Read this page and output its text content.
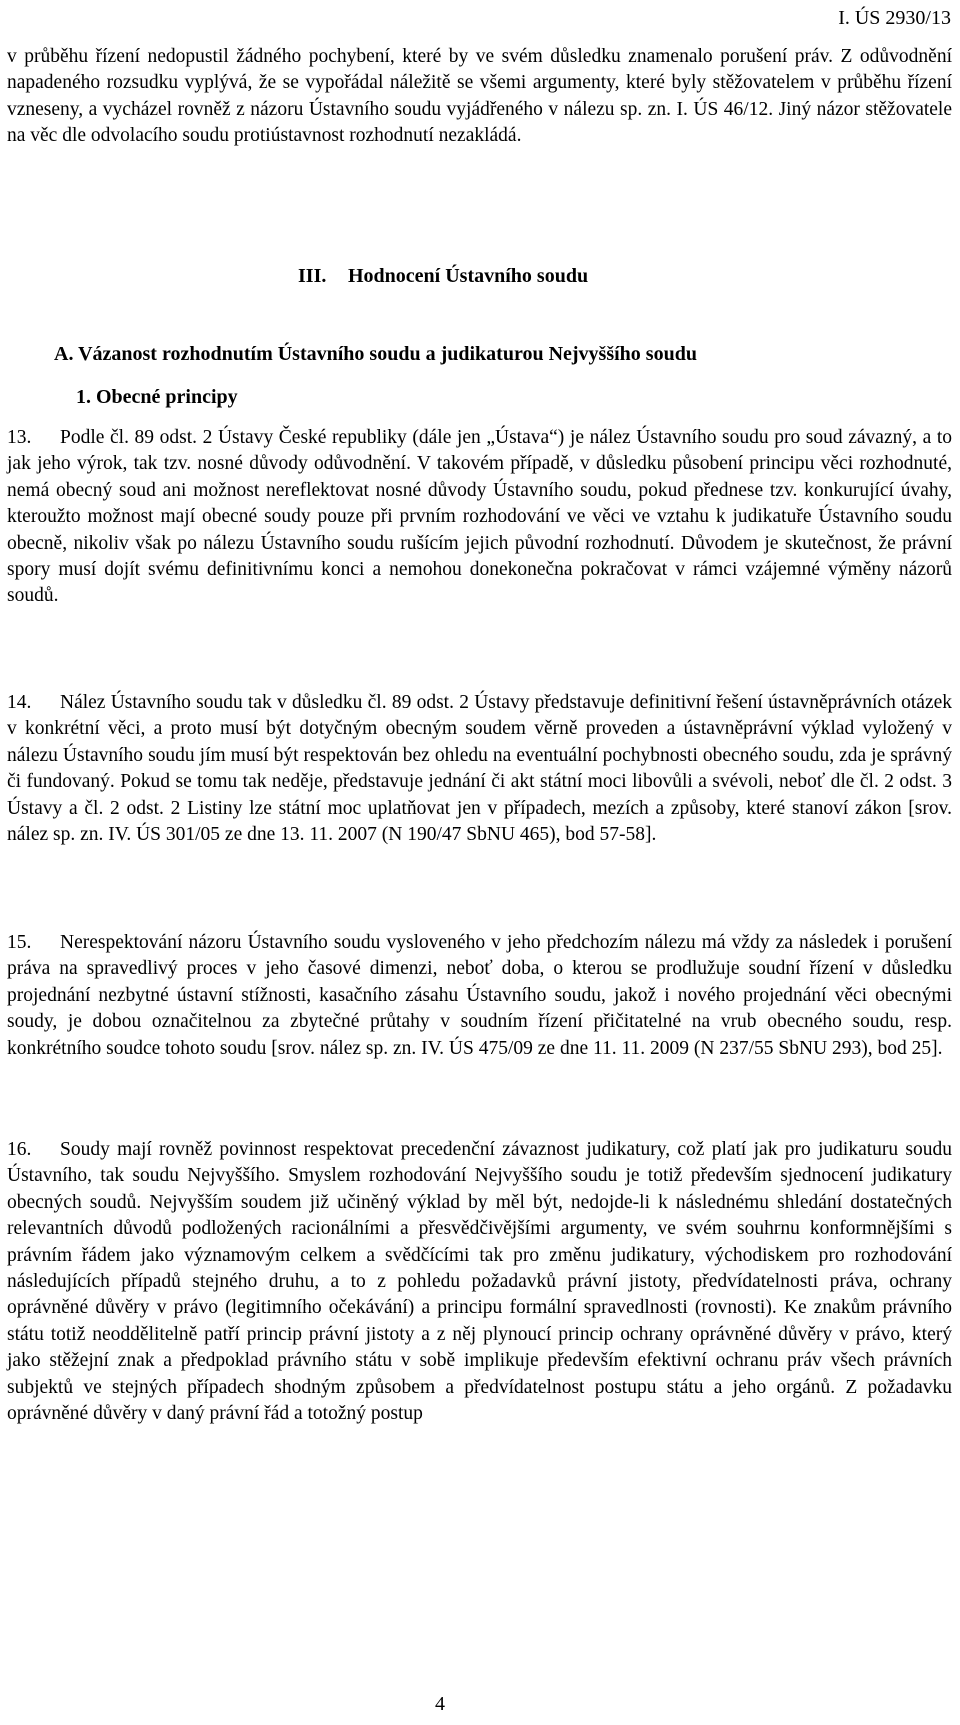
I. ÚS 2930/13

v průběhu řízení nedopustil žádného pochybení, které by ve svém důsledku znamenalo porušení práv. Z odůvodnění napadeného rozsudku vyplývá, že se vypořádal náležitě se všemi argumenty, které byly stěžovatelem v průběhu řízení vzneseny, a vycházel rovněž z názoru Ústavního soudu vyjádřeného v nálezu sp. zn. I. ÚS 46/12. Jiný názor stěžovatele na věc dle odvolacího soudu protiústavnost rozhodnutí nezakládá.

III. Hodnocení Ústavního soudu
A. Vázanost rozhodnutím Ústavního soudu a judikaturou Nejvyššího soudu
1. Obecné principy

13. Podle čl. 89 odst. 2 Ústavy České republiky (dále jen „Ústava“) je nález Ústavního soudu pro soud závazný, a to jak jeho výrok, tak tzv. nosné důvody odůvodnění. V takovém případě, v důsledku působení principu věci rozhodnuté, nemá obecný soud ani možnost nereflektovat nosné důvody Ústavního soudu, pokud přednese tzv. konkurující úvahy, kteroužto možnost mají obecné soudy pouze při prvním rozhodování ve věci ve vztahu k judikatuře Ústavního soudu obecně, nikoliv však po nálezu Ústavního soudu rušícím jejich původní rozhodnutí. Důvodem je skutečnost, že právní spory musí dojít svému definitivnímu konci a nemohou donekonečna pokračovat v rámci vzájemné výměny názorů soudů.

14. Nález Ústavního soudu tak v důsledku čl. 89 odst. 2 Ústavy představuje definitivní řešení ústavněprávních otázek v konkrétní věci, a proto musí být dotyčným obecným soudem věrně proveden a ústavněprávní výklad vyložený v nálezu Ústavního soudu jím musí být respektován bez ohledu na eventuální pochybnosti obecného soudu, zda je správný či fundovaný. Pokud se tomu tak neděje, představuje jednání či akt státní moci libovůli a svévoli, neboť dle čl. 2 odst. 3 Ústavy a čl. 2 odst. 2 Listiny lze státní moc uplatňovat jen v případech, mezích a způsoby, které stanoví zákon [srov. nález sp. zn. IV. ÚS 301/05 ze dne 13. 11. 2007 (N 190/47 SbNU 465), bod 57-58].

15. Nerespektování názoru Ústavního soudu vysloveného v jeho předchozím nálezu má vždy za následek i porušení práva na spravedlivý proces v jeho časové dimenzi, neboť doba, o kterou se prodlužuje soudní řízení v důsledku projednání nezbytné ústavní stížnosti, kasačního zásahu Ústavního soudu, jakož i nového projednání věci obecnými soudy, je dobou označitelnou za zbytečné průtahy v soudním řízení přičitatelné na vrub obecného soudu, resp. konkrétního soudce tohoto soudu [srov. nález sp. zn. IV. ÚS 475/09 ze dne 11. 11. 2009 (N 237/55 SbNU 293), bod 25].

16. Soudy mají rovněž povinnost respektovat precedenční závaznost judikatury, což platí jak pro judikaturu soudu Ústavního, tak soudu Nejvyššího. Smyslem rozhodování Nejvyššího soudu je totiž především sjednocení judikatury obecných soudů. Nejvyšším soudem již učiněný výklad by měl být, nedojde-li k následnému shledání dostatečných relevantních důvodů podložených racionálními a přesvědčivějšími argumenty, ve svém souhrnu konformnějšími s právním řádem jako významovým celkem a svědčícími tak pro změnu judikatury, východiskem pro rozhodování následujících případů stejného druhu, a to z pohledu požadavků právní jistoty, předvídatelnosti práva, ochrany oprávněné důvěry v právo (legitimního očekávání) a principu formální spravedlnosti (rovnosti). Ke znakům právního státu totiž neoddělitelně patří princip právní jistoty a z něj plynoucí princip ochrany oprávněné důvěry v právo, který jako stěžejní znak a předpoklad právního státu v sobě implikuje především efektivní ochranu práv všech právních subjektů ve stejných případech shodným způsobem a předvídatelnost postupu státu a jeho orgánů. Z požadavku oprávněné důvěry v daný právní řád a totožný postup

4
